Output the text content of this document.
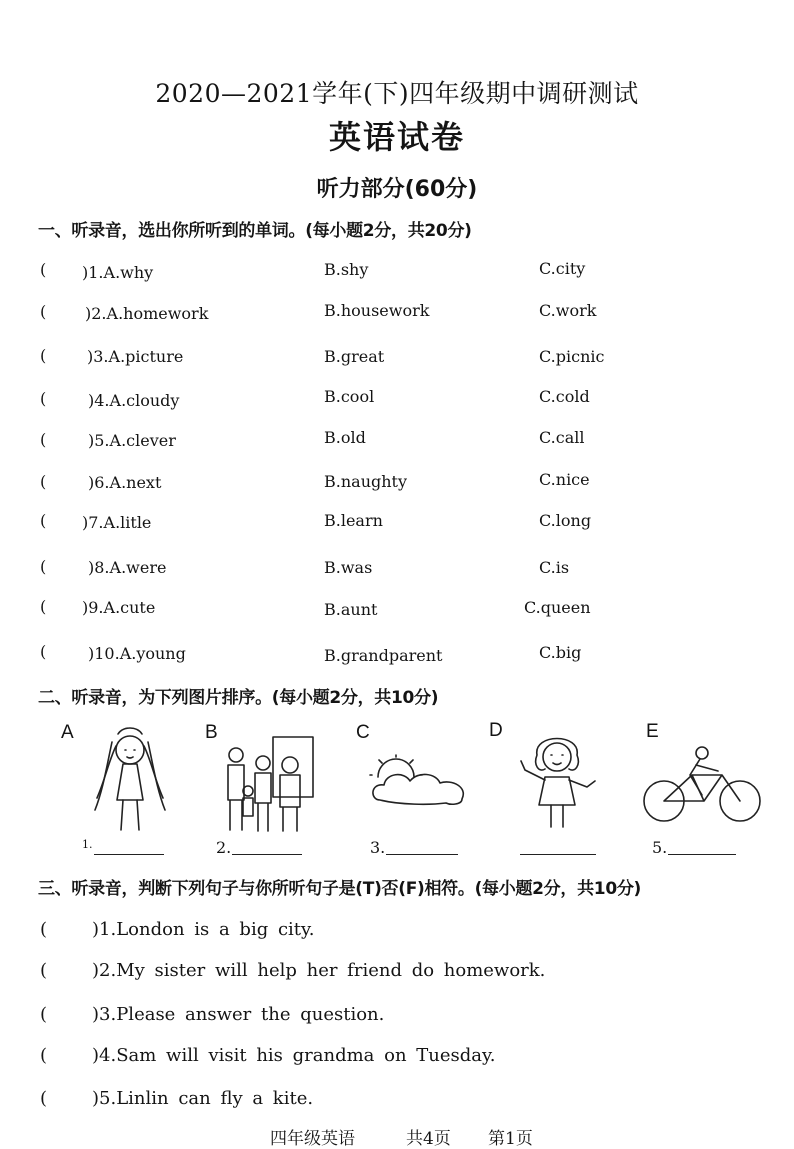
2020—2021学年(下)四年级期中调研测试
英语试卷
听力部分(60分)
一、听录音，选出你所听到的单词。(每小题2分，共20分)
( )1.A.why	B.shy	C.city
( )2.A.homework	B.housework	C.work
(	)3.A.picture	B.great	C.picnic
(	)4.A.cloudy	B.cool	C.cold
(	)5.A.clever	B.old	C.call
(	)6.A.next	B.naughty	C.nice
( )7.A.litle	B.learn	C.long
(	)8.A.were	B.was	C.is
( )9.A.cute	B.aunt	C.queen
(	)10.A.young	B.grandparent	C.big
二、听录音，为下列图片排序。(每小题2分，共10分)
A
1.
B
2.
C
3.
D	E
5.
三、听录音，判断下列句子与你所听句子是(T)否(F)相符。(每小题2分，共10分)
( )1.London is a big city.
( )2.My sister will help her friend do homework.
( )3.Please answer the question.
( )4.Sam will visit his grandma on Tuesday.
( )5.Linlin can fly a kite.
四年级英语	共4页 第1页
